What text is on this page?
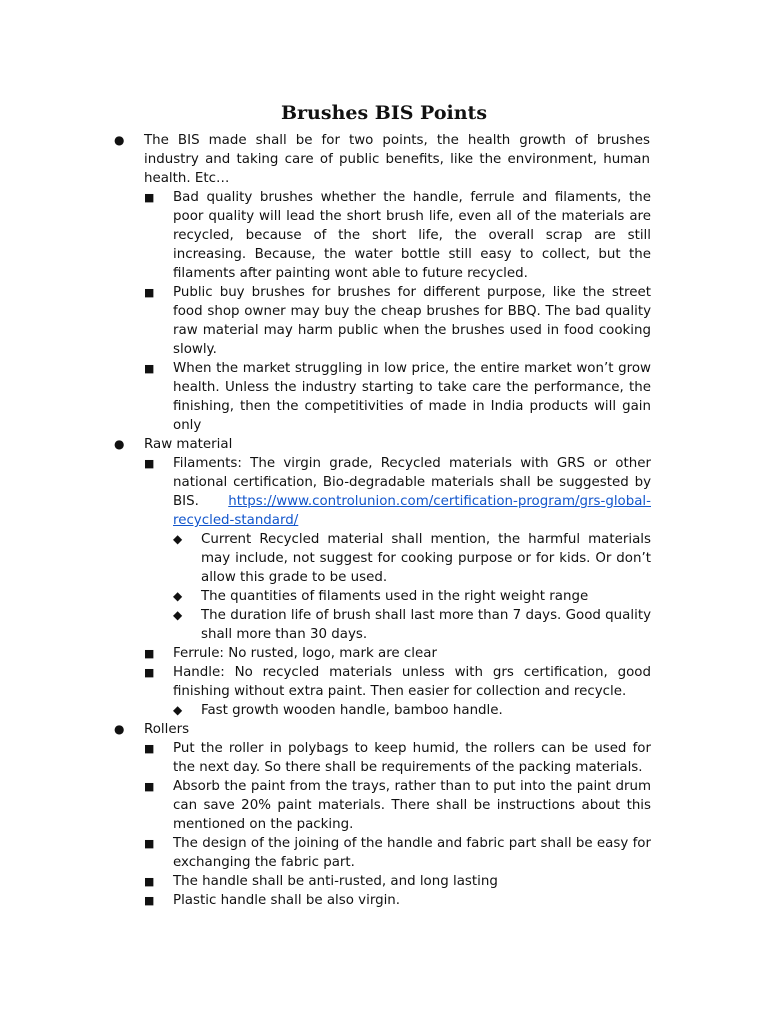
Brushes BIS Points
● The BIS made shall be for two points, the health growth of brushes industry and taking care of public benefits, like the environment, human health. Etc…
■ Bad quality brushes whether the handle, ferrule and filaments, the poor quality will lead the short brush life, even all of the materials are recycled, because of the short life, the overall scrap are still increasing. Because, the water bottle still easy to collect, but the filaments after painting wont able to future recycled.
■ Public buy brushes for brushes for different purpose, like the street food shop owner may buy the cheap brushes for BBQ. The bad quality raw material may harm public when the brushes used in food cooking slowly.
■ When the market struggling in low price, the entire market won’t grow health. Unless the industry starting to take care the performance, the finishing, then the competitivities of made in India products will gain only
● Raw material
■ Filaments: The virgin grade, Recycled materials with GRS or other national certification, Bio-degradable materials shall be suggested by BIS. https://www.controlunion.com/certification-program/grs-global-recycled-standard/
◆ Current Recycled material shall mention, the harmful materials may include, not suggest for cooking purpose or for kids. Or don’t allow this grade to be used.
◆ The quantities of filaments used in the right weight range
◆ The duration life of brush shall last more than 7 days. Good quality shall more than 30 days.
■ Ferrule: No rusted, logo, mark are clear
■ Handle: No recycled materials unless with grs certification, good finishing without extra paint. Then easier for collection and recycle.
◆ Fast growth wooden handle, bamboo handle.
● Rollers
■ Put the roller in polybags to keep humid, the rollers can be used for the next day. So there shall be requirements of the packing materials.
■ Absorb the paint from the trays, rather than to put into the paint drum can save 20% paint materials. There shall be instructions about this mentioned on the packing.
■ The design of the joining of the handle and fabric part shall be easy for exchanging the fabric part.
■ The handle shall be anti-rusted, and long lasting
■ Plastic handle shall be also virgin.
